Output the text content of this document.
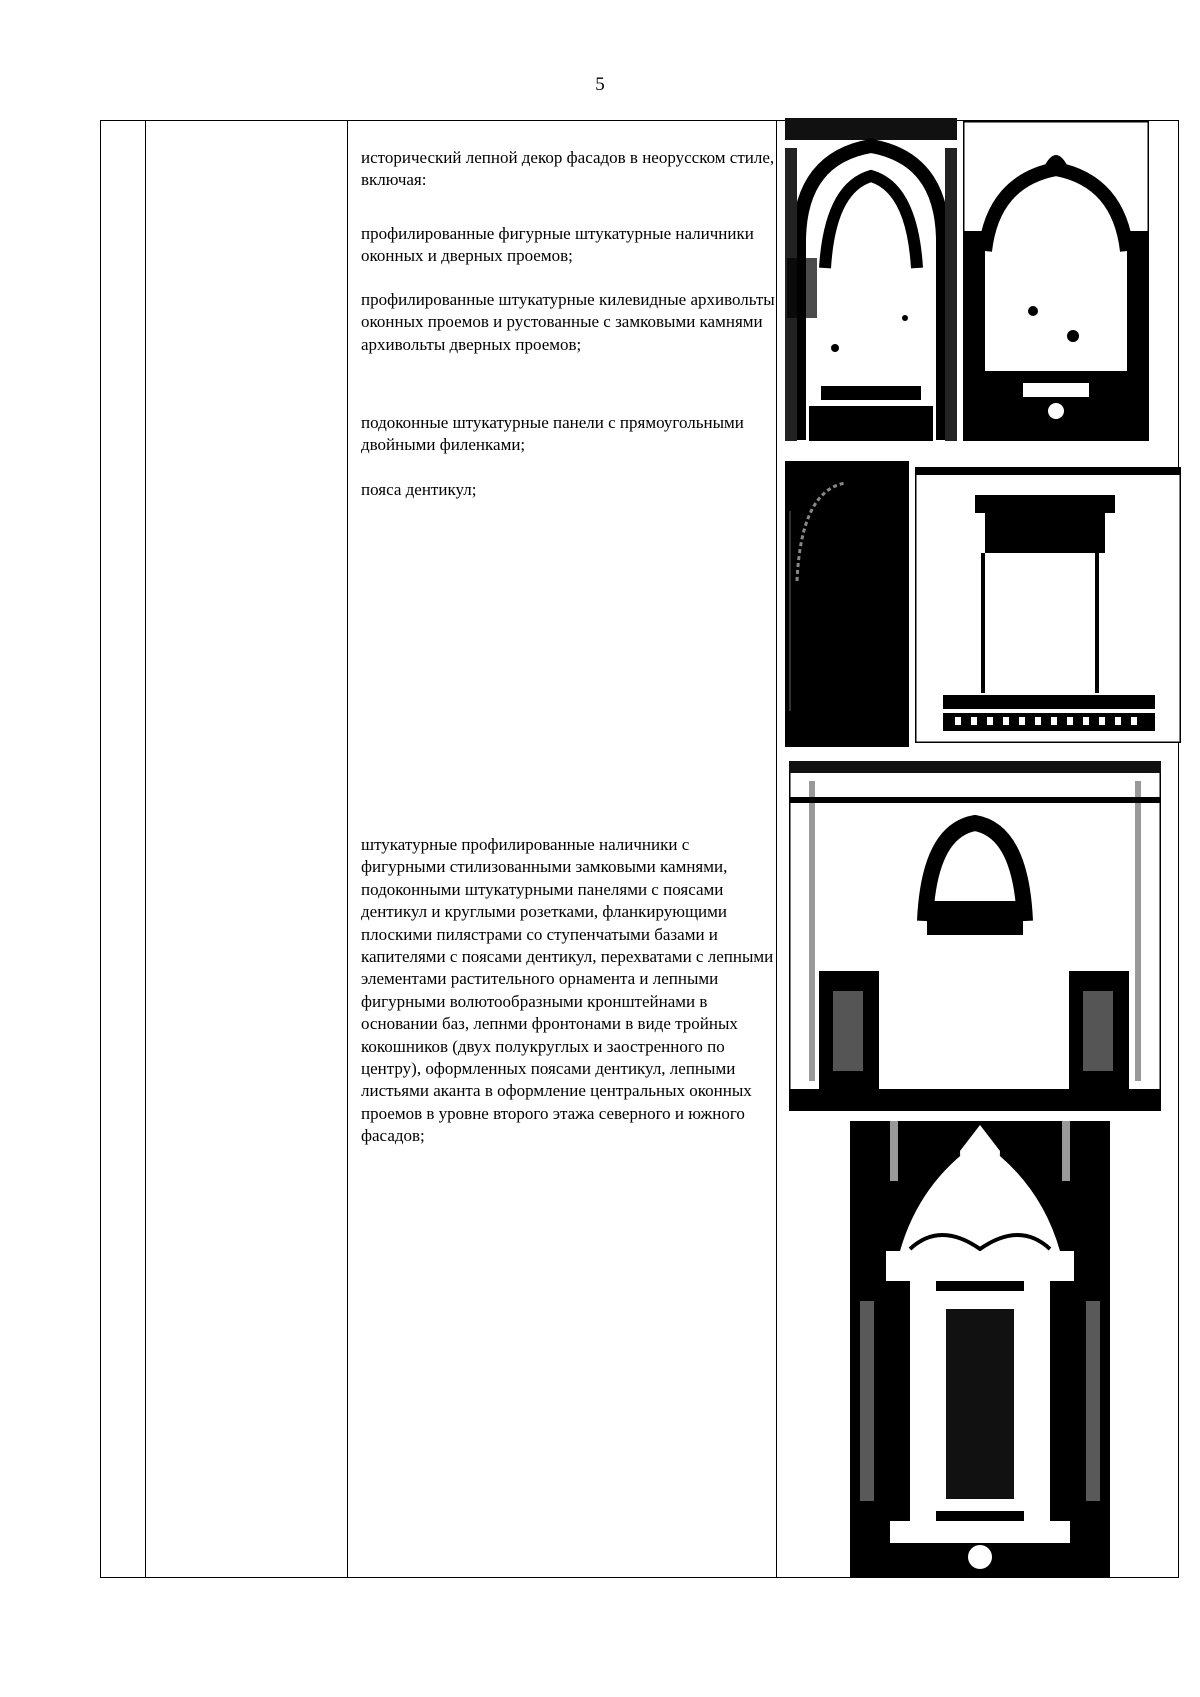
5

исторический лепной декор фасадов в неорусском стиле, включая:

профилированные фигурные штукатурные наличники оконных и дверных проемов;

профилированные штукатурные килевидные архивольты оконных проемов и рустованные с замковыми камнями архивольты дверных проемов;

подоконные штукатурные панели с прямоугольными двойными филенками;

пояса дентикул;

штукатурные профилированные наличники с фигурными стилизованными замковыми камнями, подоконными штукатурными панелями с поясами дентикул и круглыми розетками, фланкирующими плоскими пилястрами со ступенчатыми базами и капителями с поясами дентикул, перехватами с лепными элементами растительного орнамента и лепными фигурными волютообразными кронштейнами в основании баз, лепнми фронтонами в виде тройных кокошников (двух полукруглых и заостренного по центру), оформленных поясами дентикул, лепными листьями аканта в оформление центральных оконных проемов в уровне второго этажа северного и южного фасадов;
